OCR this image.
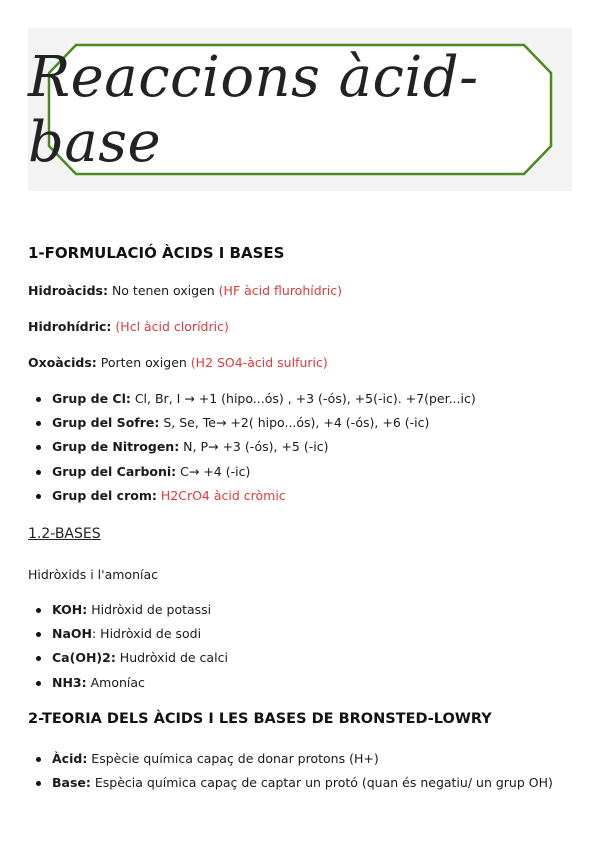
Reaccions àcid-base
1-FORMULACIÓ ÀCIDS I BASES
Hidroàcids: No tenen oxigen (HF àcid flurohídric)
Hidrohídric: (Hcl àcid clorídric)
Oxoàcids: Porten oxigen (H2 SO4-àcid sulfuric)
Grup de Cl: Cl, Br, I → +1 (hipo...ós) , +3 (-ós), +5(-ic). +7(per...ic)
Grup del Sofre: S, Se, Te→ +2( hipo...ós), +4 (-ós), +6 (-ic)
Grup de Nitrogen: N, P→ +3 (-ós), +5 (-ic)
Grup del Carboni: C→ +4 (-ic)
Grup del crom: H2CrO4 àcid cròmic
1.2-BASES
Hidròxids i l'amoníac
KOH: Hidròxid de potassi
NaOH: Hidròxid de sodi
Ca(OH)2: Hudròxid de calci
NH3: Amoníac
2-TEORIA DELS ÀCIDS I LES BASES DE BRONSTED-LOWRY
Àcid: Espècie química capaç de donar protons (H+)
Base: Espècia química capaç de captar un protó (quan és negatiu/ un grup OH)
